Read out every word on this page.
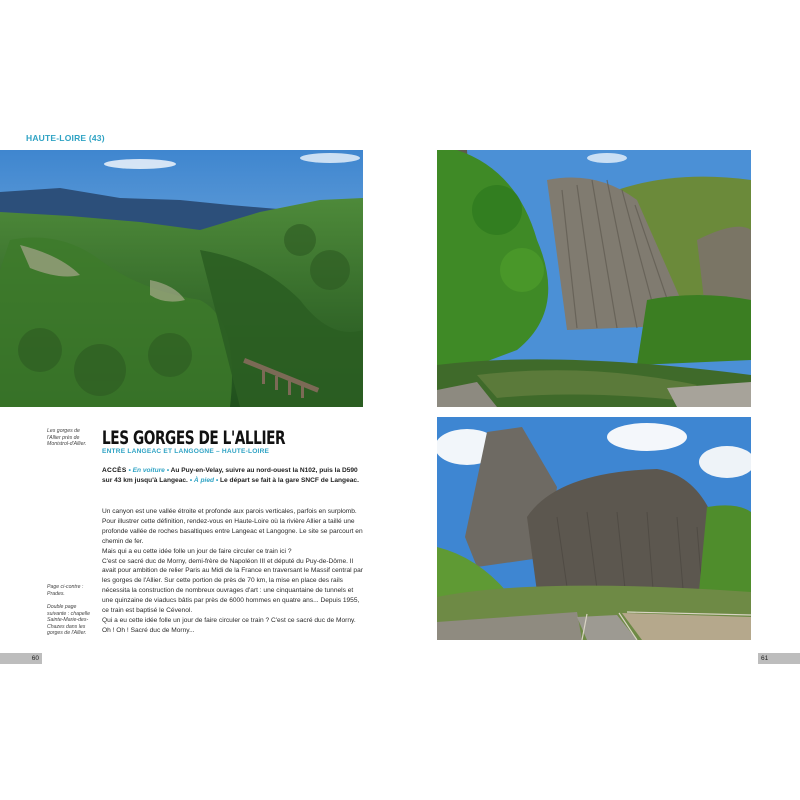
HAUTE-LOIRE (43)
Les gorges de l'Allier près de Monistrol-d'Allier.
Page ci-contre : Prades.
Double page suivante : chapelle Sainte-Marie-des-Chazes dans les gorges de l'Allier.
LES GORGES DE L'ALLIER
ENTRE LANGEAC ET LANGOGNE – HAUTE-LOIRE
ACCÈS • En voiture • Au Puy-en-Velay, suivre au nord-ouest la N102, puis la D590 sur 43 km jusqu'à Langeac. • À pied • Le départ se fait à la gare SNCF de Langeac.

Un canyon est une vallée étroite et profonde aux parois verticales, parfois en surplomb. Pour illustrer cette définition, rendez-vous en Haute-Loire où la rivière Allier a taillé une profonde vallée de roches basaltiques entre Langeac et Langogne. Le site se parcourt en chemin de fer.

Mais qui a eu cette idée folle un jour de faire circuler ce train ici ?

C'est ce sacré duc de Morny, demi-frère de Napoléon III et député du Puy-de-Dôme. Il avait pour ambition de relier Paris au Midi de la France en traversant le Massif central par les gorges de l'Allier. Sur cette portion de près de 70 km, la mise en place des rails nécessita la construction de nombreux ouvrages d'art : une cinquantaine de tunnels et une quinzaine de viaducs bâtis par près de 6000 hommes en quatre ans... Depuis 1955, ce train est baptisé le Cévenol.

Qui a eu cette idée folle un jour de faire circuler ce train ? C'est ce sacré duc de Morny. Oh ! Oh ! Sacré duc de Morny...

60	61
